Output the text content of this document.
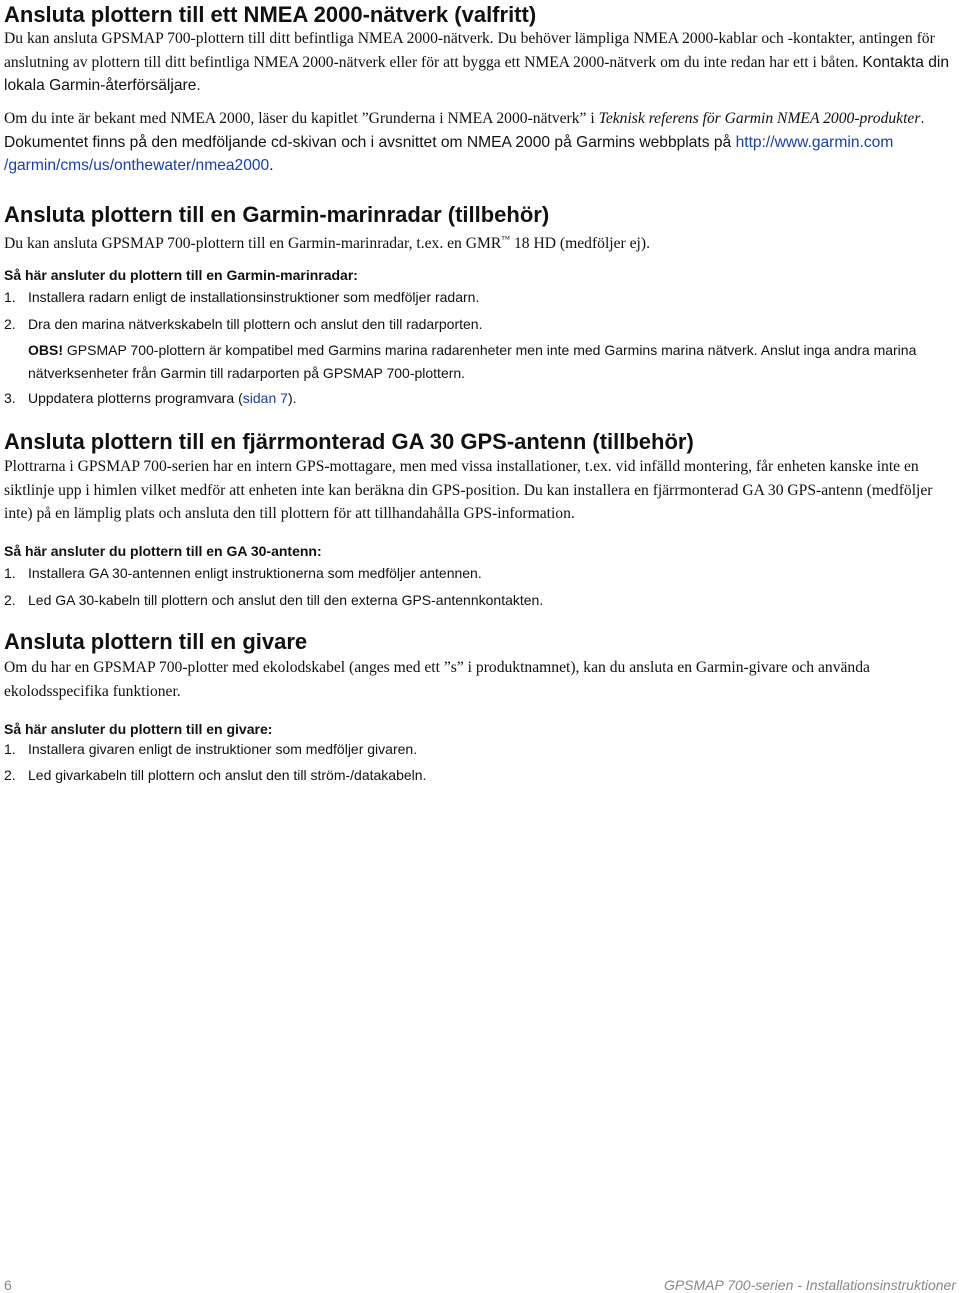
Ansluta plottern till ett NMEA 2000-nätverk (valfritt)

Du kan ansluta GPSMAP 700-plottern till ditt befintliga NMEA 2000-nätverk. Du behöver lämpliga NMEA 2000-kablar och -kontakter, antingen för anslutning av plottern till ditt befintliga NMEA 2000-nätverk eller för att bygga ett NMEA 2000-nätverk om du inte redan har ett i båten. Kontakta din lokala Garmin-återförsäljare.

Om du inte är bekant med NMEA 2000, läser du kapitlet ”Grunderna i NMEA 2000-nätverk” i Teknisk referens för Garmin NMEA 2000-produkter. Dokumentet finns på den medföljande cd-skivan och i avsnittet om NMEA 2000 på Garmins webbplats på http://www.garmin.com
/garmin/cms/us/onthewater/nmea2000.

Ansluta plottern till en Garmin-marinradar (tillbehör)

Du kan ansluta GPSMAP 700-plottern till en Garmin-marinradar, t.ex. en GMR™ 18 HD (medföljer ej).

Så här ansluter du plottern till en Garmin-marinradar:

1. Installera radarn enligt de installationsinstruktioner som medföljer radarn.
2. Dra den marina nätverkskabeln till plottern och anslut den till radarporten.

OBS! GPSMAP 700-plottern är kompatibel med Garmins marina radarenheter men inte med Garmins marina nätverk. Anslut inga andra marina nätverksenheter från Garmin till radarporten på GPSMAP 700-plottern.

3. Uppdatera plotterns programvara (sidan 7).
Ansluta plottern till en fjärrmonterad GA 30 GPS-antenn (tillbehör)

Plottrarna i GPSMAP 700-serien har en intern GPS-mottagare, men med vissa installationer, t.ex. vid infälld montering, får enheten kanske inte en siktlinje upp i himlen vilket medför att enheten inte kan beräkna din GPS-position. Du kan installera en fjärrmonterad GA 30 GPS-antenn (medföljer inte) på en lämplig plats och ansluta den till plottern för att tillhandahålla GPS-information.

Så här ansluter du plottern till en GA 30-antenn:

1. Installera GA 30-antennen enligt instruktionerna som medföljer antennen.
2. Led GA 30-kabeln till plottern och anslut den till den externa GPS-antennkontakten.
Ansluta plottern till en givare

Om du har en GPSMAP 700-plotter med ekolodskabel (anges med ett ”s” i produktnamnet), kan du ansluta en Garmin-givare och använda ekolodsspecifika funktioner.

Så här ansluter du plottern till en givare:

1. Installera givaren enligt de instruktioner som medföljer givaren.
2. Led givarkabeln till plottern och anslut den till ström-/datakabeln.
6	GPSMAP 700-serien - Installationsinstruktioner
